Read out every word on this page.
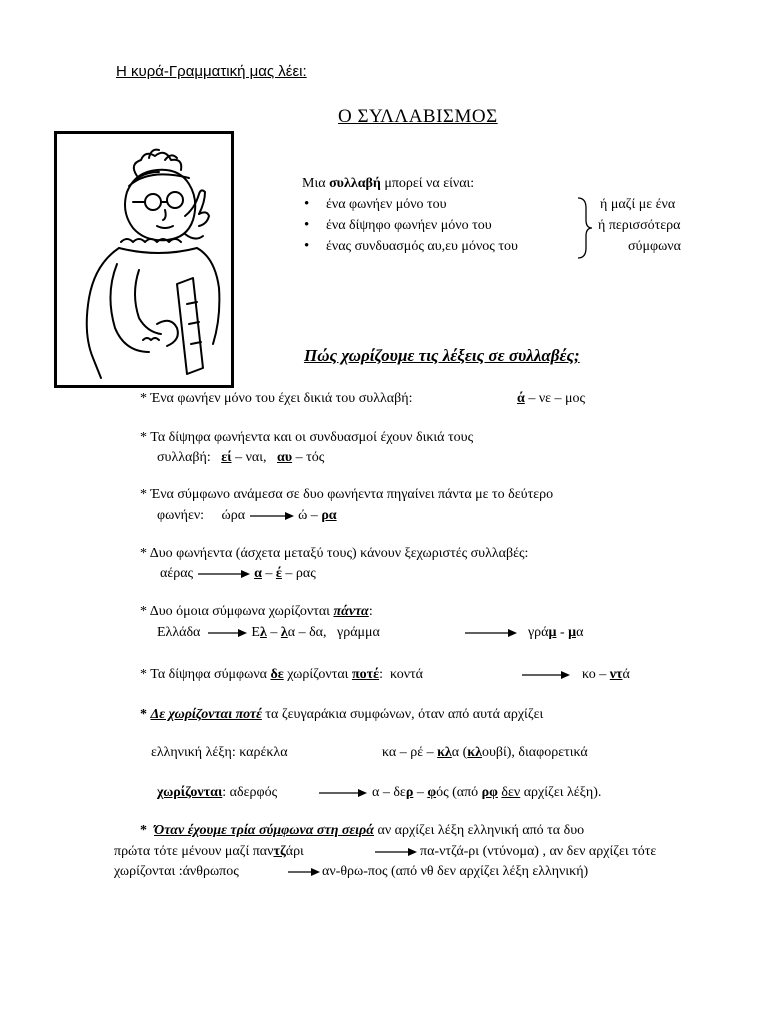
Η κυρά-Γραμματική μας λέει:
Ο ΣΥΛΛΑΒΙΣΜΟΣ
Μια συλλαβή μπορεί να είναι:
• ένα φωνήεν μόνο του
• ένα δίψηφο φωνήεν μόνο του
• ένας συνδυασμός αυ,ευ μόνος του
ή μαζί με ένα
ή περισσότερα
σύμφωνα
Πώς χωρίζουμε τις λέξεις σε συλλαβές;
* Ένα φωνήεν μόνο του έχει δικιά του συλλαβή:	ά – νε – μος
* Τα δίψηφα φωνήεντα και οι συνδυασμοί έχουν δικιά τους
συλλαβή: εί – ναι, αυ – τός
* Ένα σύμφωνο ανάμεσα σε δυο φωνήεντα πηγαίνει πάντα με το δεύτερο
φωνήεν: ώρα	ώ – ρα
* Δυο φωνήεντα (άσχετα μεταξύ τους) κάνουν ξεχωριστές συλλαβές:
αέρας	α – έ – ρας
* Δυο όμοια σύμφωνα χωρίζονται πάντα:
Ελλάδα	Ελ – λα – δα, γράμμα	γράμ - μα
* Τα δίψηφα σύμφωνα δε χωρίζονται ποτέ: κοντά	κο – ντά
* Δε χωρίζονται ποτέ τα ζευγαράκια συμφώνων, όταν από αυτά αρχίζει
ελληνική λέξη: καρέκλα	κα – ρέ – κλα (κλουβί), διαφορετικά
χωρίζονται: αδερφός	α – δερ – φός (από ρφ δεν αρχίζει λέξη).
* Όταν έχουμε τρία σύμφωνα στη σειρά αν αρχίζει λέξη ελληνική από τα δυο
πρώτα τότε μένουν μαζί παντζάρι	πα-ντζά-ρι (ντύνομα) , αν δεν αρχίζει τότε
χωρίζονται :άνθρωπος	αν-θρω-πος (από νθ δεν αρχίζει λέξη ελληνική)
